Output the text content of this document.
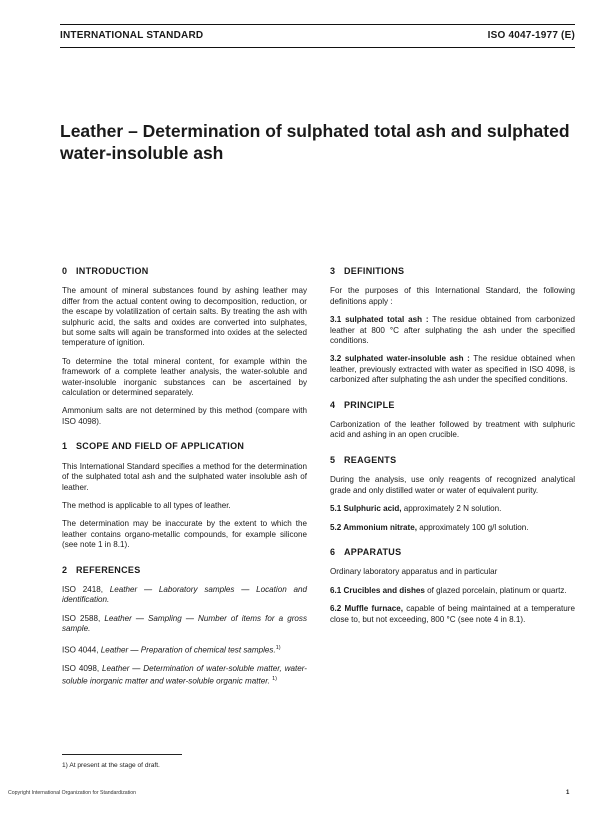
INTERNATIONAL STANDARD	ISO 4047-1977 (E)
Leather – Determination of sulphated total ash and sulphated water-insoluble ash
0 INTRODUCTION

The amount of mineral substances found by ashing leather may differ from the actual content owing to decomposition, reduction, or the escape by volatilization of certain salts. By treating the ash with sulphuric acid, the salts and oxides are converted into sulphates, but some salts will again be transformed into oxides at the selected temperature of ignition.

To determine the total mineral content, for example within the framework of a complete leather analysis, the water-soluble and water-insoluble inorganic substances can be ascertained by calculation or determined separately.

Ammonium salts are not determined by this method (compare with ISO 4098).

1 SCOPE AND FIELD OF APPLICATION

This International Standard specifies a method for the determination of the sulphated total ash and the sulphated water insoluble ash of leather.

The method is applicable to all types of leather.

The determination may be inaccurate by the extent to which the leather contains organo-metallic compounds, for example silicone (see note 1 in 8.1).

2 REFERENCES

ISO 2418, Leather — Laboratory samples — Location and identification.

ISO 2588, Leather — Sampling — Number of items for a gross sample.

ISO 4044, Leather — Preparation of chemical test samples.$^{1)}$

ISO 4098, Leather — Determination of water-soluble matter, water-soluble inorganic matter and water-soluble organic matter. $^{1)}$

3 DEFINITIONS

For the purposes of this International Standard, the following definitions apply :

3.1 sulphated total ash : The residue obtained from carbonized leather at 800 °C after sulphating the ash under the specified conditions.

3.2 sulphated water-insoluble ash : The residue obtained when leather, previously extracted with water as specified in ISO 4098, is carbonized after sulphating the ash under the specified conditions.

4 PRINCIPLE

Carbonization of the leather followed by treatment with sulphuric acid and ashing in an open crucible.

5 REAGENTS

During the analysis, use only reagents of recognized analytical grade and only distilled water or water of equivalent purity.

5.1 Sulphuric acid, approximately 2 N solution.

5.2 Ammonium nitrate, approximately 100 g/l solution.

6 APPARATUS

Ordinary laboratory apparatus and in particular

6.1 Crucibles and dishes of glazed porcelain, platinum or quartz.

6.2 Muffle furnace, capable of being maintained at a temperature close to, but not exceeding, 800 °C (see note 4 in 8.1).

1) At present at the stage of draft.
Copyright International Organization for Standardization	1
